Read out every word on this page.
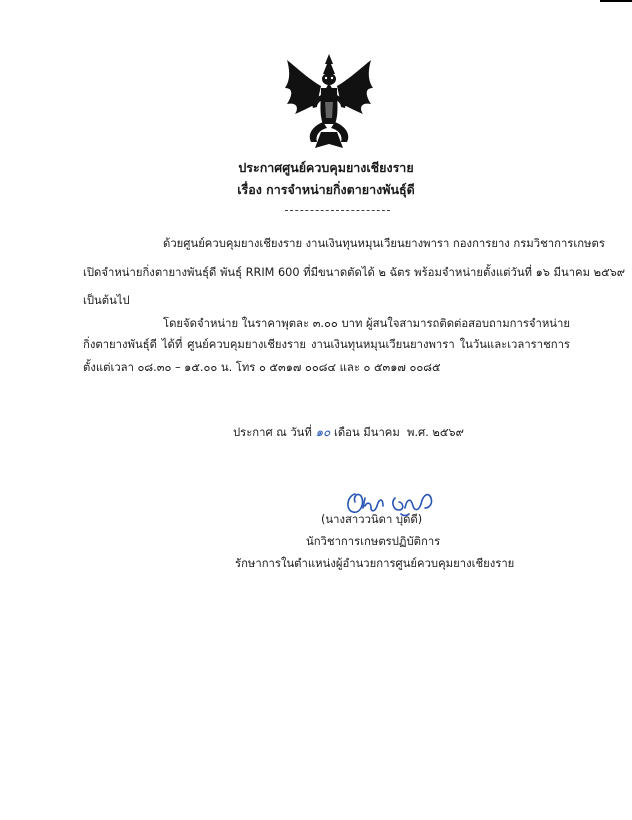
ประกาศศูนย์ควบคุมยางเชียงราย
เรื่อง การจำหน่ายกิ่งตายางพันธุ์ดี
ด้วยศูนย์ควบคุมยางเชียงราย งานเงินทุนหมุนเวียนยางพารา กองการยาง กรมวิชาการเกษตร
เปิดจำหน่ายกิ่งตายางพันธุ์ดี พันธุ์ RRIM 600 ที่มีขนาดตัดได้ ๒ ฉัตร พร้อมจำหน่ายตั้งแต่วันที่ ๑๖ มีนาคม ๒๕๖๙
เป็นต้นไป
โดยจัดจำหน่าย ในราคาพุตละ ๓.๐๐ บาท ผู้สนใจสามารถติดต่อสอบถามการจำหน่าย
กิ่งตายางพันธุ์ดี ได้ที่ ศูนย์ควบคุมยางเชียงราย งานเงินทุนหมุนเวียนยางพารา ในวันและเวลาราชการ
ตั้งแต่เวลา ๐๘.๓๐ – ๑๕.๐๐ น. โทร ๐ ๕๓๑๗ ๐๐๘๔ และ ๐ ๕๓๑๗ ๐๐๘๕
ประกาศ ณ วันที่ ๑๐ เดือน มีนาคม พ.ศ. ๒๕๖๙
(นางสาววนิดา บุดดี)
นักวิชาการเกษตรปฏิบัติการ
รักษาการในตำแหน่งผู้อำนวยการศูนย์ควบคุมยางเชียงราย
